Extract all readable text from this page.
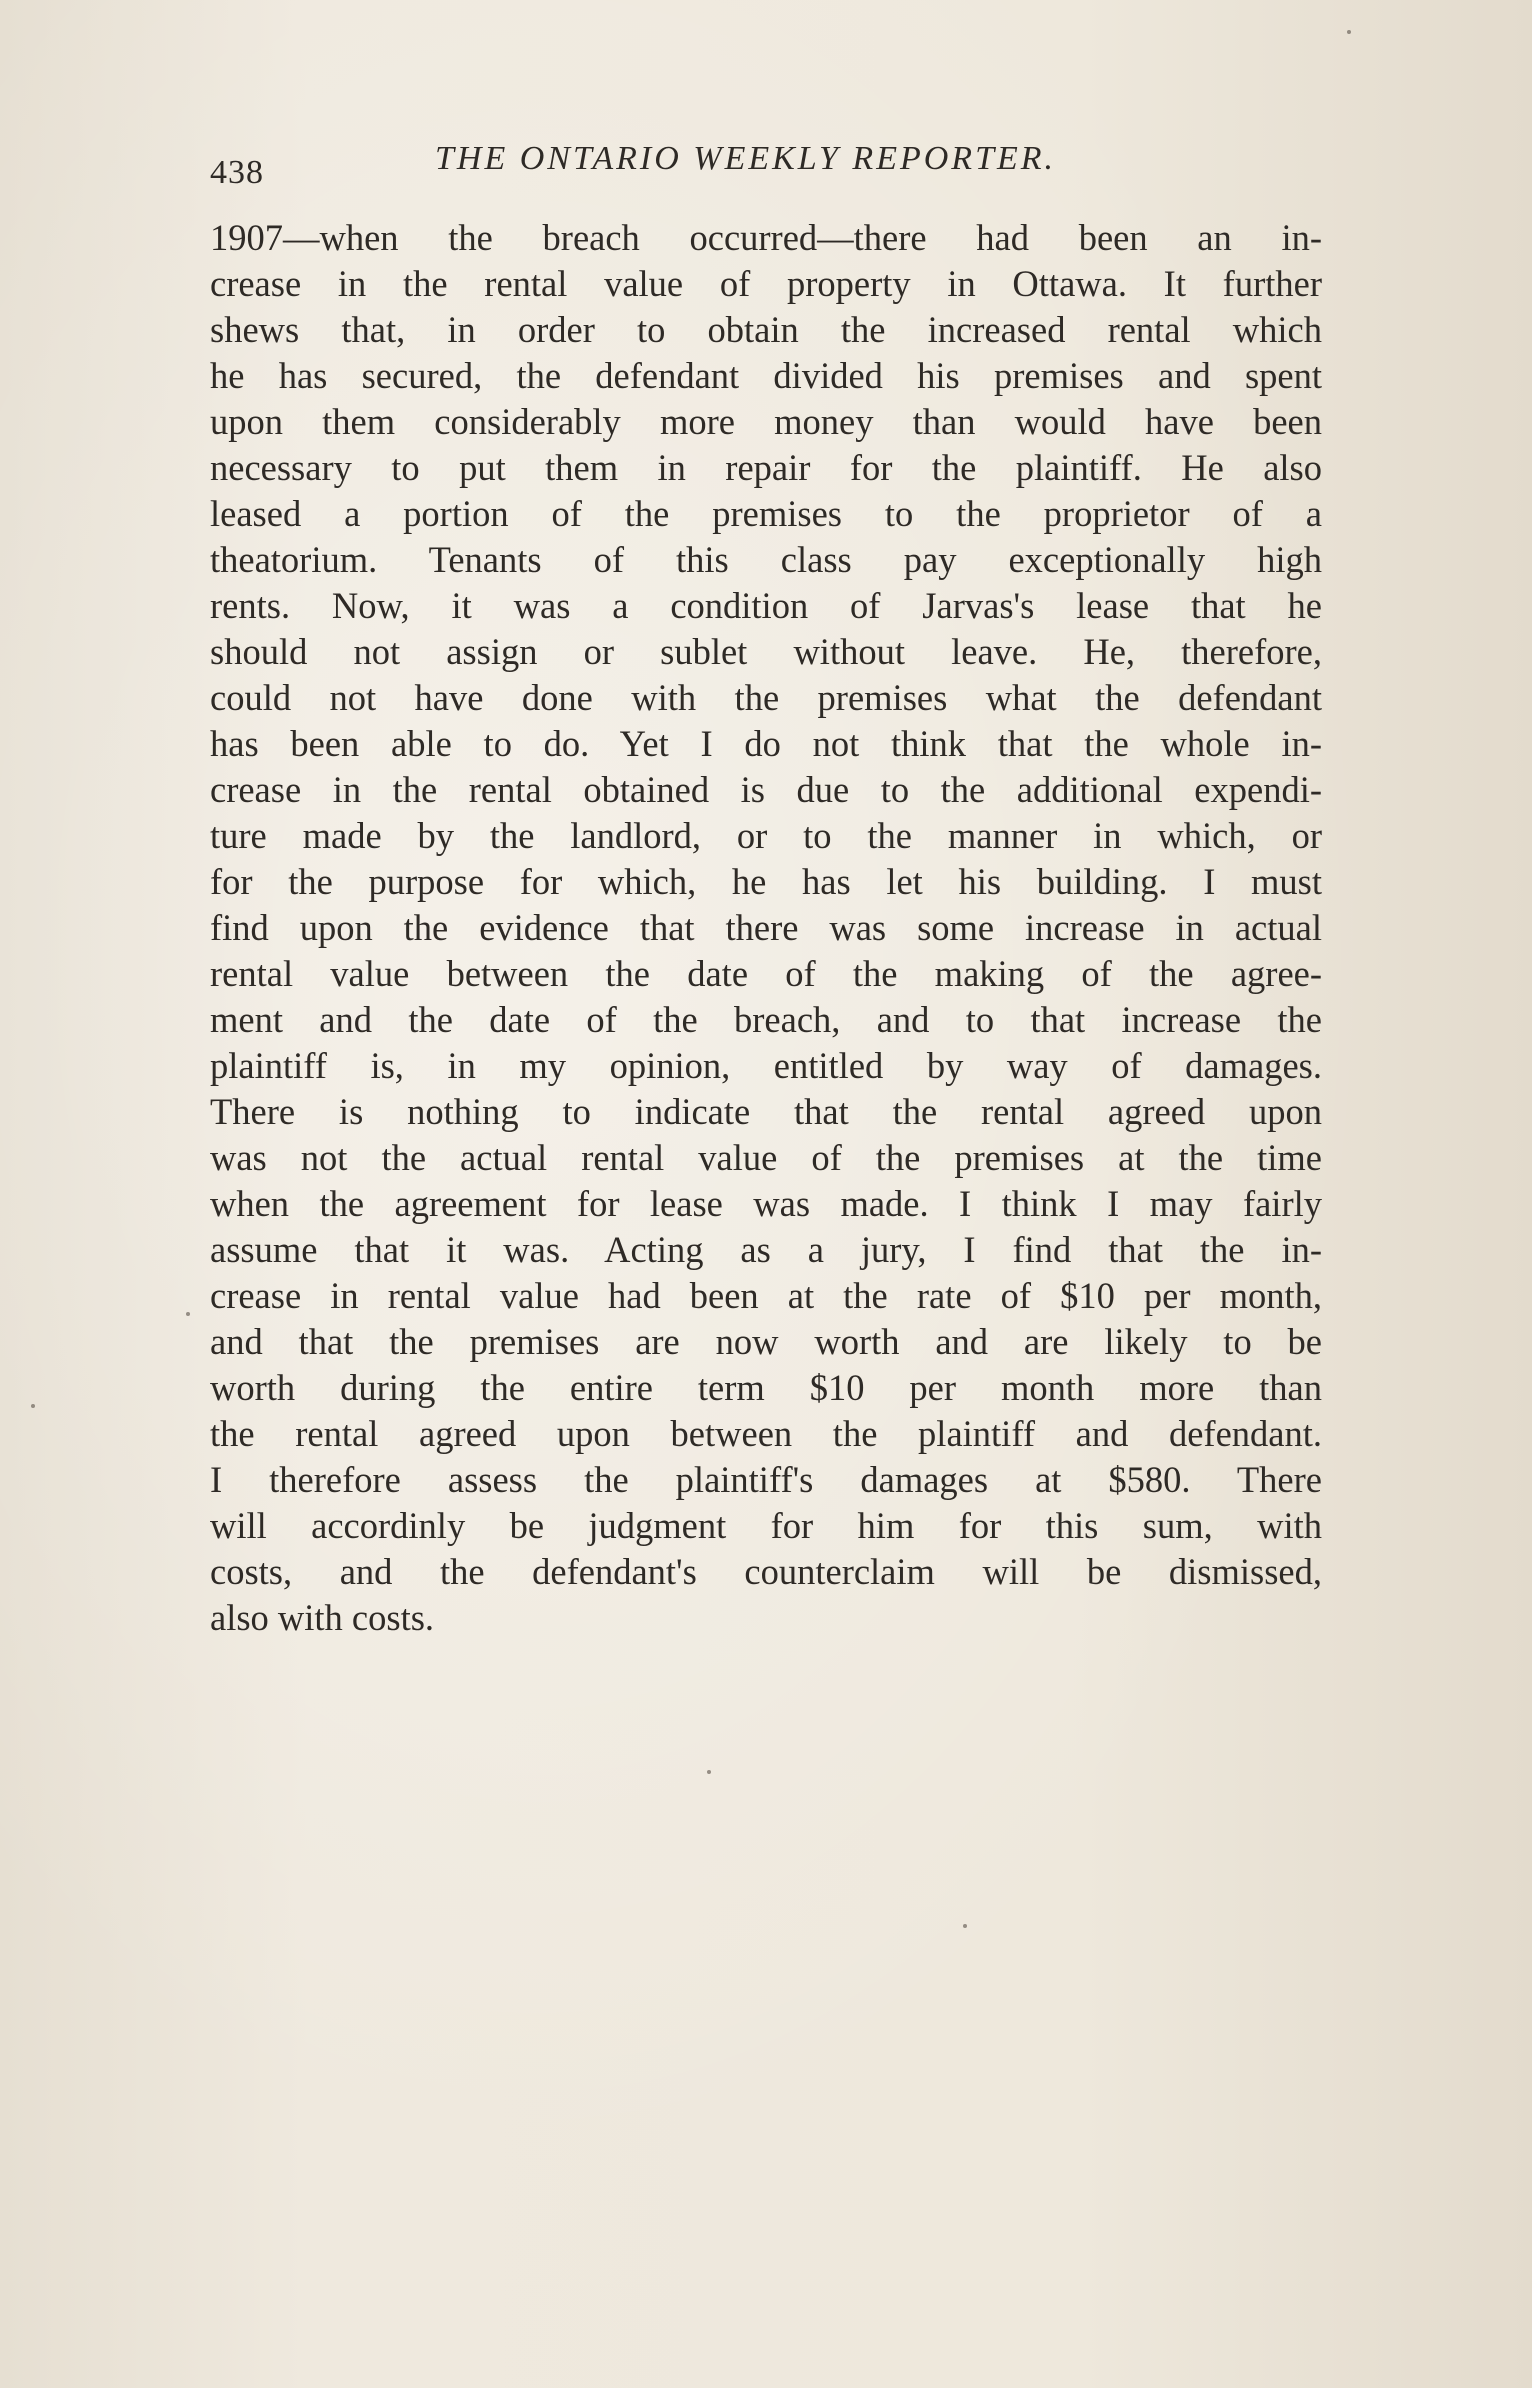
438	THE ONTARIO WEEKLY REPORTER.
1907—when the breach occurred—there had been an in-
crease in the rental value of property in Ottawa. It further
shews that, in order to obtain the increased rental which
he has secured, the defendant divided his premises and spent
upon them considerably more money than would have been
necessary to put them in repair for the plaintiff. He also
leased a portion of the premises to the proprietor of a
theatorium. Tenants of this class pay exceptionally high
rents. Now, it was a condition of Jarvas's lease that he
should not assign or sublet without leave. He, therefore,
could not have done with the premises what the defendant
has been able to do. Yet I do not think that the whole in-
crease in the rental obtained is due to the additional expendi-
ture made by the landlord, or to the manner in which, or
for the purpose for which, he has let his building. I must
find upon the evidence that there was some increase in actual
rental value between the date of the making of the agree-
ment and the date of the breach, and to that increase the
plaintiff is, in my opinion, entitled by way of damages.
There is nothing to indicate that the rental agreed upon
was not the actual rental value of the premises at the time
when the agreement for lease was made. I think I may fairly
assume that it was. Acting as a jury, I find that the in-
crease in rental value had been at the rate of $10 per month,
and that the premises are now worth and are likely to be
worth during the entire term $10 per month more than
the rental agreed upon between the plaintiff and defendant.
I therefore assess the plaintiff's damages at $580. There
will accordinly be judgment for him for this sum, with
costs, and the defendant's counterclaim will be dismissed,
also with costs.
